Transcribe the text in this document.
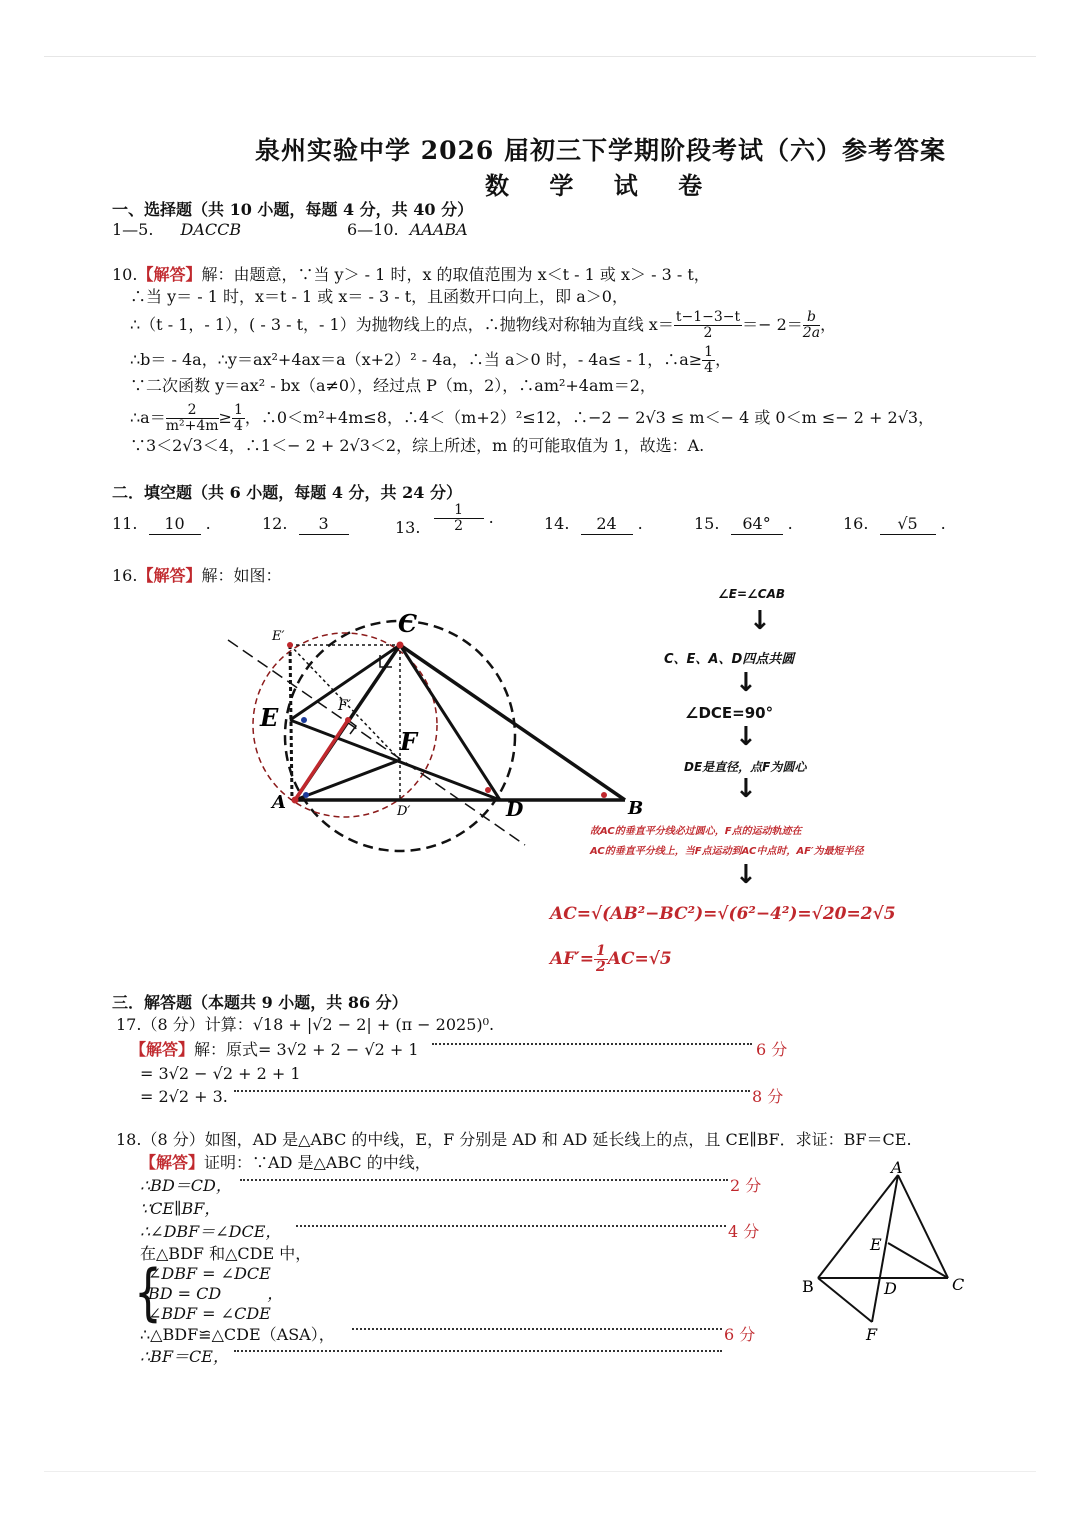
泉州实验中学 2026 届初三下学期阶段考试（六）参考答案
数 学 试 卷
一、选择题（共 10 小题，每题 4 分，共 40 分）
1—5. DACCB	6—10. AAABA
10.【解答】解：由题意，∵当 y＞ - 1 时，x 的取值范围为 x＜t - 1 或 x＞ - 3 - t，
∴当 y＝ - 1 时，x＝t - 1 或 x＝ - 3 - t，且函数开口向上，即 a＞0，
∴（t - 1，- 1），( - 3 - t，- 1）为抛物线上的点，∴抛物线对称轴为直线 $x= \frac{t-1-3-t}{2} =- 2= \frac{b}{2a}$ ，
∴b＝ - 4a，∴y＝ax²+4ax＝a（x+2）² - 4a，∴当 a＞0 时，- 4a≤ - 1，∴a≥ $\frac{1}{4}$ ，
∵二次函数 y＝ax² - bx（a≠0），经过点 P（m，2），∴am²+4am＝2，
∴a＝ $\frac{2}{\text{m²+4m}} \ge \frac{1}{4}$ ，∴0＜m²+4m≤8，∴4＜（m+2）²≤12，∴−2 − 2√3 ≤ m＜− 4 或 0＜m ≤− 2 + 2√3，
∵3＜2√3＜4，∴1＜− 2 + 2√3＜2，综上所述，m 的可能取值为 1，故选：A.
二．填空题（共 6 小题，每题 4 分，共 24 分）
11. 10 .	12. 3	13. $\frac{1}{2}$ .	14. 24 .	15. 64° .	16. √5 .
16.【解答】解：如图：
E′	C
E	F′
F
A	D′	D	B
∠E=∠CAB
↓
C、E、A、D四点共圆
↓
∠DCE=90°
↓
DE是直径，点F为圆心
↓
故AC的垂直平分线必过圆心，F点的运动轨迹在
AC的垂直平分线上，当F点运动到AC中点时，AF′为最短半径
↓
AC=√(AB²−BC²)=√(6²−4²)=√20=2√5
$AF'= \frac{1}{2} AC=√5$
三．解答题（本题共 9 小题，共 86 分）
17.（8 分）计算：√18 + |√2 − 2| + (π − 2025)⁰.
【解答】解：原式= 3√2 + 2 − √2 + 1	6 分
= 3√2 − √2 + 2 + 1
= 2√2 + 3.	8 分
18.（8 分）如图，AD 是△ABC 的中线，E，F 分别是 AD 和 AD 延长线上的点，且 CE∥BF．求证：BF＝CE.
【解答】证明：∵AD 是△ABC 的中线，
∴BD＝CD，	2 分
∵CE∥BF，
∴∠DBF＝∠DCE，	4 分
在△BDF 和△CDE 中，
{
∠DBF = ∠DCE
BD = CD	，
∠BDF = ∠CDE
∴△BDF≌△CDE（ASA），	6 分
∴BF＝CE，
A
E
B	D	C
F
